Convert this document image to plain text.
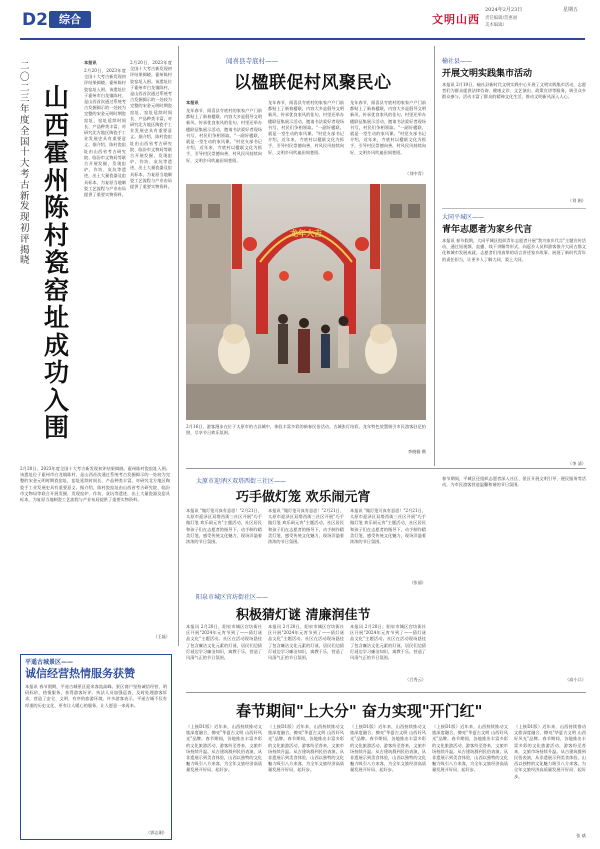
D2	综合
2024年2月23日	星期五
责任编辑/贺惠丽
美术编辑/
文明山西
二〇二三年度全国十大考古新发现初评揭晓
山西霍州陈村瓷窑址成功入围
本报讯
2月20日，2023年度全国十大考古新发现初评结果揭晓。霍州陈村瓷窑址入围。该遗址位于霍州市白龙镇陈村，是山西首次通过系统考古发掘揭示的一处较为完整的宋金元明时期瓷窑址，窑址延续时间长、产品种类丰富，对研究北方地区陶瓷手工业发展史具有重要意义。据介绍，陈村瓷窑址由山西省考古研究院、临汾市文物局等联合开展发掘，发现窑炉、作坊、灰坑等遗迹，出土大量瓷器及窑具标本，为复原当地制瓷工艺流程与产业布局提供了重要实物资料。
2月20日，2023年度全国十大考古新发现初评结果揭晓。霍州陈村瓷窑址入围。该遗址位于霍州市白龙镇陈村，是山西首次通过系统考古发掘揭示的一处较为完整的宋金元明时期瓷窑址，窑址延续时间长、产品种类丰富，对研究北方地区陶瓷手工业发展史具有重要意义。据介绍，陈村瓷窑址由山西省考古研究院、临汾市文物局等联合开展发掘，发现窑炉、作坊、灰坑等遗迹，出土大量瓷器及窑具标本，为复原当地制瓷工艺流程与产业布局提供了重要实物资料。
2月20日，2023年度全国十大考古新发现初评结果揭晓。霍州陈村瓷窑址入围。该遗址位于霍州市白龙镇陈村，是山西首次通过系统考古发掘揭示的一处较为完整的宋金元明时期瓷窑址，窑址延续时间长、产品种类丰富，对研究北方地区陶瓷手工业发展史具有重要意义。据介绍，陈村瓷窑址由山西省考古研究院、临汾市文物局等联合开展发掘，发现窑炉、作坊、灰坑等遗迹，出土大量瓷器及窑具标本，为复原当地制瓷工艺流程与产业布局提供了重要实物资料。
（王磊）
平遥古城景区——
诚信经营热情服务获赞
本报讯 春节假期，平遥古城景区迎来客流高峰。景区商户坚持诚信经营，明码标价，热情服务，获得游客好评。执法人员加强巡查，及时处理游客诉求，营造了安全、文明、有序的旅游环境。许多游客表示，平遥古城不仅有厚重的历史文化，更有让人暖心的服务，让人愿意一来再来。
（郭志刚）
闻喜县寺底村——
以楹联促村风聚民心
本报讯
龙年春节，闻喜县寺底村的家家户户门前都贴上了新春楹联，内容大多是倡导文明新风、传承优良家风的佳句。村里还举办楹联征集展示活动，邀请书法爱好者现场书写，村民们争相领取。"一副好楹联，就是一堂生动的家风课。"村党支部书记介绍，近年来，寺底村以楹联文化为抓手，引导村民崇德向善，村风民风持续向好，文明乡风吹遍田间巷陌。
龙年春节，闻喜县寺底村的家家户户门前都贴上了新春楹联，内容大多是倡导文明新风、传承优良家风的佳句。村里还举办楹联征集展示活动，邀请书法爱好者现场书写，村民们争相领取。"一副好楹联，就是一堂生动的家风课。"村党支部书记介绍，近年来，寺底村以楹联文化为抓手，引导村民崇德向善，村风民风持续向好，文明乡风吹遍田间巷陌。
龙年春节，闻喜县寺底村的家家户户门前都贴上了新春楹联，内容大多是倡导文明新风、传承优良家风的佳句。村里还举办楹联征集展示活动，邀请书法爱好者现场书写，村民们争相领取。"一副好楹联，就是一堂生动的家风课。"村党支部书记介绍，近年来，寺底村以楹联文化为抓手，引导村民崇德向善，村风民风持续向好，文明乡风吹遍田间巷陌。
（刘中青）
龙年大吉
2月16日，游客漫步在位于太原市的古县城中，体验丰富多彩的新春民俗活动。古城张灯结彩，龙年特色装置吸引市民游客驻足拍照，尽享节日欢乐氛围。
李晓愉 摄
榆社县——
开展文明实践集市活动
本报讯 2月19日，榆社县新时代文明实践中心开展了文明实践集市活动，志愿者们为群众提供法律咨询、健康义诊、文艺演出、政策宣讲等服务，吸引众多群众参与。活动丰富了群众的精神文化生活，推动文明新风深入人心。
（刘 娟）
大同平城区——
青年志愿者为家乡代言
本报讯 春节假期，大同平城区组织青年志愿者开展"我为家乡代言"主题宣传活动，通过短视频、直播、线下讲解等形式，向返乡人员和游客推介大同古都文化和城市发展成就。志愿者们用真挚的语言讲述家乡故事，展现了新时代青年的责任担当，让更多人了解大同、爱上大同。
（李 清）
太原市迎泽区双塔西街三社区——
巧手做灯笼 欢乐闹元宵
本报讯 "做灯笼可真有意思！"2月21日，太原市迎泽区双塔西街三社区开展"巧手做灯笼 欢乐闹元宵"主题活动，社区居民和孩子们在志愿者的指导下，动手制作精美灯笼，感受传统文化魅力，现场洋溢着浓浓的节日氛围。
本报讯 "做灯笼可真有意思！"2月21日，太原市迎泽区双塔西街三社区开展"巧手做灯笼 欢乐闹元宵"主题活动，社区居民和孩子们在志愿者的指导下，动手制作精美灯笼，感受传统文化魅力，现场洋溢着浓浓的节日氛围。
本报讯 "做灯笼可真有意思！"2月21日，太原市迎泽区双塔西街三社区开展"巧手做灯笼 欢乐闹元宵"主题活动，社区居民和孩子们在志愿者的指导下，动手制作精美灯笼，感受传统文化魅力，现场洋溢着浓浓的节日氛围。
（张丽）
阳泉市城区官坊街社区——
积极猜灯谜 清廉润佳节
本报讯 2月20日，阳泉市城区官坊街社区开展"2024年元宵节到了——猜灯谜 品文化"主题活动。社区在活动现场悬挂了包含廉洁文化元素的灯谜，居民们边猜灯谜边学习廉洁知识，寓教于乐，营造了风清气正的节日氛围。
本报讯 2月20日，阳泉市城区官坊街社区开展"2024年元宵节到了——猜灯谜 品文化"主题活动。社区在活动现场悬挂了包含廉洁文化元素的灯谜，居民们边猜灯谜边学习廉洁知识，寓教于乐，营造了风清气正的节日氛围。
本报讯 2月20日，阳泉市城区官坊街社区开展"2024年元宵节到了——猜灯谜 品文化"主题活动。社区在活动现场悬挂了包含廉洁文化元素的灯谜，居民们边猜灯谜边学习廉洁知识，寓教于乐，营造了风清气正的节日氛围。
（吕秀云）
春节期间，平城区还组织志愿者深入社区、景区开展文明引导、便民服务等活动，为市民游客营造温馨和谐的节日氛围。
（高小兵）
春节期间"上大分" 奋力实现"开门红"
（上接D1版）近年来，山西持续推动文旅深度融合，擦亮"华夏古文明 山西好风光"品牌。春节期间，各地推出丰富多彩的文化旅游活动，游客纷至沓来，文旅市场持续升温。从古建筑群到民俗表演，从非遗展示到美食体验，山西以独特的文化魅力吸引八方来客，为全年文旅经济高质量发展开好局、起好步。
（上接D1版）近年来，山西持续推动文旅深度融合，擦亮"华夏古文明 山西好风光"品牌。春节期间，各地推出丰富多彩的文化旅游活动，游客纷至沓来，文旅市场持续升温。从古建筑群到民俗表演，从非遗展示到美食体验，山西以独特的文化魅力吸引八方来客，为全年文旅经济高质量发展开好局、起好步。
（上接D1版）近年来，山西持续推动文旅深度融合，擦亮"华夏古文明 山西好风光"品牌。春节期间，各地推出丰富多彩的文化旅游活动，游客纷至沓来，文旅市场持续升温。从古建筑群到民俗表演，从非遗展示到美食体验，山西以独特的文化魅力吸引八方来客，为全年文旅经济高质量发展开好局、起好步。
（上接D1版）近年来，山西持续推动文旅深度融合，擦亮"华夏古文明 山西好风光"品牌。春节期间，各地推出丰富多彩的文化旅游活动，游客纷至沓来，文旅市场持续升温。从古建筑群到民俗表演，从非遗展示到美食体验，山西以独特的文化魅力吸引八方来客，为全年文旅经济高质量发展开好局、起好步。
（上接D1版）近年来，山西持续推动文旅深度融合，擦亮"华夏古文明 山西好风光"品牌。春节期间，各地推出丰富多彩的文化旅游活动，游客纷至沓来，文旅市场持续升温。从古建筑群到民俗表演，从非遗展示到美食体验，山西以独特的文化魅力吸引八方来客，为全年文旅经济高质量发展开好局、起好步。
张 斌
